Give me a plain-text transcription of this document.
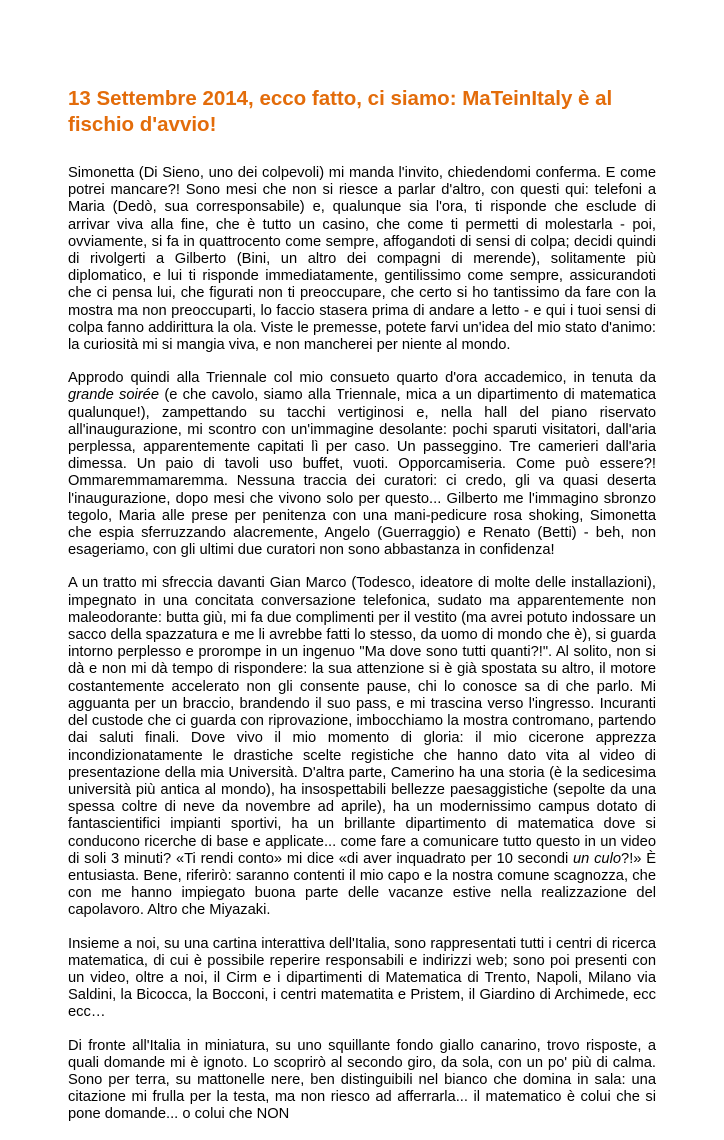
13 Settembre 2014, ecco fatto, ci siamo: MaTeinItaly è al fischio d'avvio!

Simonetta (Di Sieno, uno dei colpevoli) mi manda l'invito, chiedendomi conferma. E come potrei mancare?! Sono mesi che non si riesce a parlar d'altro, con questi qui: telefoni a Maria (Dedò, sua corresponsabile) e, qualunque sia l'ora, ti risponde che esclude di arrivar viva alla fine, che è tutto un casino, che come ti permetti di molestarla - poi, ovviamente, si fa in quattrocento come sempre, affogandoti di sensi di colpa; decidi quindi di rivolgerti a Gilberto (Bini, un altro dei compagni di merende), solitamente più diplomatico, e lui ti risponde immediatamente, gentilissimo come sempre, assicurandoti che ci pensa lui, che figurati non ti preoccupare, che certo si ho tantissimo da fare con la mostra ma non preoccuparti, lo faccio stasera prima di andare a letto - e qui i tuoi sensi di colpa fanno addirittura la ola. Viste le premesse, potete farvi un'idea del mio stato d'animo: la curiosità mi si mangia viva, e non mancherei per niente al mondo.

Approdo quindi alla Triennale col mio consueto quarto d'ora accademico, in tenuta da grande soirée (e che cavolo, siamo alla Triennale, mica a un dipartimento di matematica qualunque!), zampettando su tacchi vertiginosi e, nella hall del piano riservato all'inaugurazione, mi scontro con un'immagine desolante: pochi sparuti visitatori, dall'aria perplessa, apparentemente capitati lì per caso. Un passeggino. Tre camerieri dall'aria dimessa. Un paio di tavoli uso buffet, vuoti. Opporcamiseria. Come può essere?! Ommaremmamaremma. Nessuna traccia dei curatori: ci credo, gli va quasi deserta l'inaugurazione, dopo mesi che vivono solo per questo... Gilberto me l'immagino sbronzo tegolo, Maria alle prese per penitenza con una mani-pedicure rosa shoking, Simonetta che espia sferruzzando alacremente, Angelo (Guerraggio) e Renato (Betti) - beh, non esageriamo, con gli ultimi due curatori non sono abbastanza in confidenza!

A un tratto mi sfreccia davanti Gian Marco (Todesco, ideatore di molte delle installazioni), impegnato in una concitata conversazione telefonica, sudato ma apparentemente non maleodorante: butta giù, mi fa due complimenti per il vestito (ma avrei potuto indossare un sacco della spazzatura e me li avrebbe fatti lo stesso, da uomo di mondo che è), si guarda intorno perplesso e prorompe in un ingenuo "Ma dove sono tutti quanti?!". Al solito, non si dà e non mi dà tempo di rispondere: la sua attenzione si è già spostata su altro, il motore costantemente accelerato non gli consente pause, chi lo conosce sa di che parlo. Mi agguanta per un braccio, brandendo il suo pass, e mi trascina verso l'ingresso. Incuranti del custode che ci guarda con riprovazione, imbocchiamo la mostra contromano, partendo dai saluti finali. Dove vivo il mio momento di gloria: il mio cicerone apprezza incondizionatamente le drastiche scelte registiche che hanno dato vita al video di presentazione della mia Università. D'altra parte, Camerino ha una storia (è la sedicesima università più antica al mondo), ha insospettabili bellezze paesaggistiche (sepolte da una spessa coltre di neve da novembre ad aprile), ha un modernissimo campus dotato di fantascientifici impianti sportivi, ha un brillante dipartimento di matematica dove si conducono ricerche di base e applicate... come fare a comunicare tutto questo in un video di soli 3 minuti? «Ti rendi conto» mi dice «di aver inquadrato per 10 secondi un culo?!» È entusiasta. Bene, riferirò: saranno contenti il mio capo e la nostra comune scagnozza, che con me hanno impiegato buona parte delle vacanze estive nella realizzazione del capolavoro. Altro che Miyazaki.

Insieme a noi, su una cartina interattiva dell'Italia, sono rappresentati tutti i centri di ricerca matematica, di cui è possibile reperire responsabili e indirizzi web; sono poi presenti con un video, oltre a noi, il Cirm e i dipartimenti di Matematica di Trento, Napoli, Milano via Saldini, la Bicocca, la Bocconi, i centri matematita e Pristem, il Giardino di Archimede, ecc ecc…

Di fronte all'Italia in miniatura, su uno squillante fondo giallo canarino, trovo risposte, a quali domande mi è ignoto. Lo scoprirò al secondo giro, da sola, con un po' più di calma. Sono per terra, su mattonelle nere, ben distinguibili nel bianco che domina in sala: una citazione mi frulla per la testa, ma non riesco ad afferrarla... il matematico è colui che si pone domande... o colui che NON
